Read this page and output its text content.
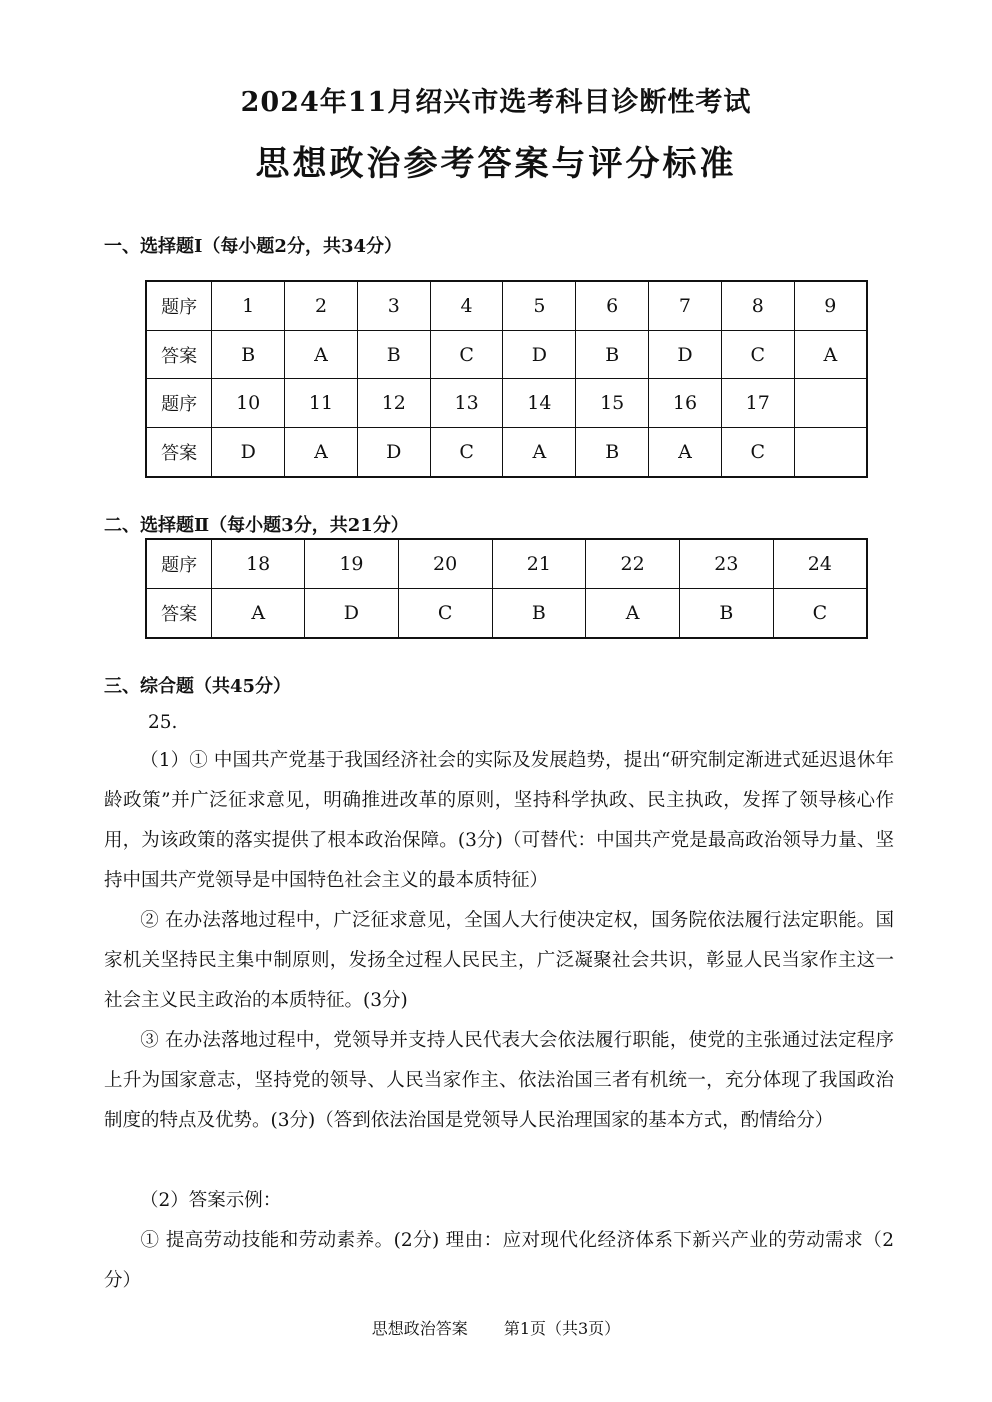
2024年11月绍兴市选考科目诊断性考试
思想政治参考答案与评分标准
一、选择题Ⅰ（每小题2分，共34分）
题序	1	2	3	4	5	6	7	8	9
答案	B	A	B	C	D	B	D	C	A
题序	10	11	12	13	14	15	16	17	
答案	D	A	D	C	A	B	A	C	
二、选择题Ⅱ（每小题3分，共21分）
题序	18	19	20	21	22	23	24
答案	A	D	C	B	A	B	C
三、综合题（共45分）
25.
（1）① 中国共产党基于我国经济社会的实际及发展趋势，提出“研究制定渐进式延迟退休年龄政策”并广泛征求意见，明确推进改革的原则，坚持科学执政、民主执政，发挥了领导核心作用，为该政策的落实提供了根本政治保障。(3分)（可替代：中国共产党是最高政治领导力量、坚持中国共产党领导是中国特色社会主义的最本质特征）
② 在办法落地过程中，广泛征求意见，全国人大行使决定权，国务院依法履行法定职能。国家机关坚持民主集中制原则，发扬全过程人民民主，广泛凝聚社会共识，彰显人民当家作主这一社会主义民主政治的本质特征。(3分)
③ 在办法落地过程中，党领导并支持人民代表大会依法履行职能，使党的主张通过法定程序上升为国家意志，坚持党的领导、人民当家作主、依法治国三者有机统一，充分体现了我国政治制度的特点及优势。(3分)（答到依法治国是党领导人民治理国家的基本方式，酌情给分）
（2）答案示例：
① 提高劳动技能和劳动素养。(2分) 理由：应对现代化经济体系下新兴产业的劳动需求（2分）
思想政治答案 第1页（共3页）
